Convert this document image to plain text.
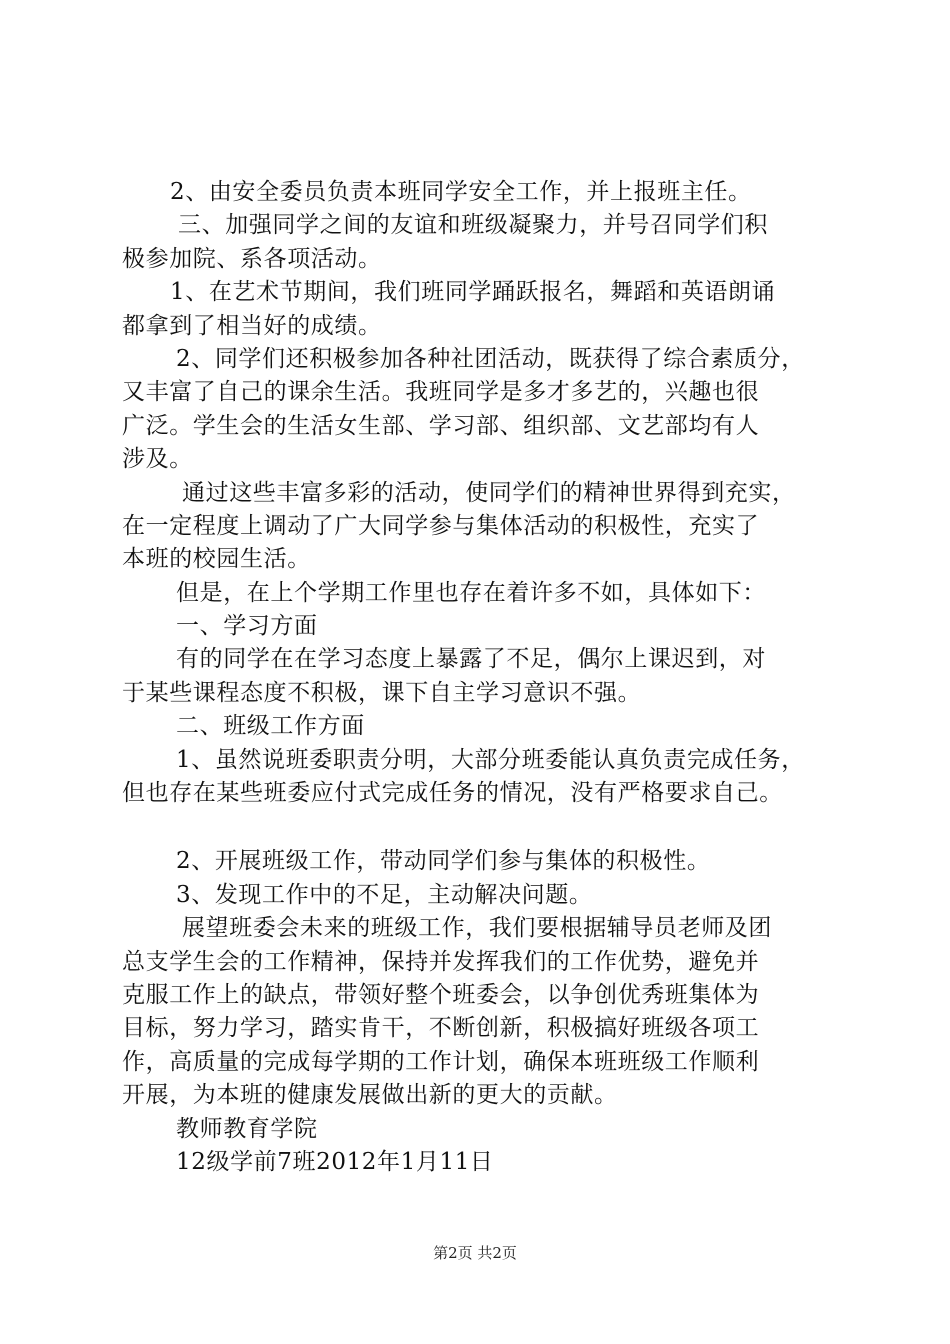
2、由安全委员负责本班同学安全工作，并上报班主任。
三、加强同学之间的友谊和班级凝聚力，并号召同学们积
极参加院、系各项活动。
1、在艺术节期间，我们班同学踊跃报名，舞蹈和英语朗诵
都拿到了相当好的成绩。
2、同学们还积极参加各种社团活动，既获得了综合素质分，
又丰富了自己的课余生活。我班同学是多才多艺的，兴趣也很
广泛。学生会的生活女生部、学习部、组织部、文艺部均有人
涉及。
通过这些丰富多彩的活动，使同学们的精神世界得到充实，
在一定程度上调动了广大同学参与集体活动的积极性，充实了
本班的校园生活。
但是，在上个学期工作里也存在着许多不如，具体如下：
一、学习方面
有的同学在在学习态度上暴露了不足，偶尔上课迟到，对
于某些课程态度不积极，课下自主学习意识不强。
二、班级工作方面
1、虽然说班委职责分明，大部分班委能认真负责完成任务，
但也存在某些班委应付式完成任务的情况，没有严格要求自己。
2、开展班级工作，带动同学们参与集体的积极性。
3、发现工作中的不足，主动解决问题。
展望班委会未来的班级工作，我们要根据辅导员老师及团
总支学生会的工作精神，保持并发挥我们的工作优势，避免并
克服工作上的缺点，带领好整个班委会，以争创优秀班集体为
目标，努力学习，踏实肯干，不断创新，积极搞好班级各项工
作，高质量的完成每学期的工作计划，确保本班班级工作顺利
开展，为本班的健康发展做出新的更大的贡献。
教师教育学院
12级学前7班2012年1月11日
第2页 共2页
